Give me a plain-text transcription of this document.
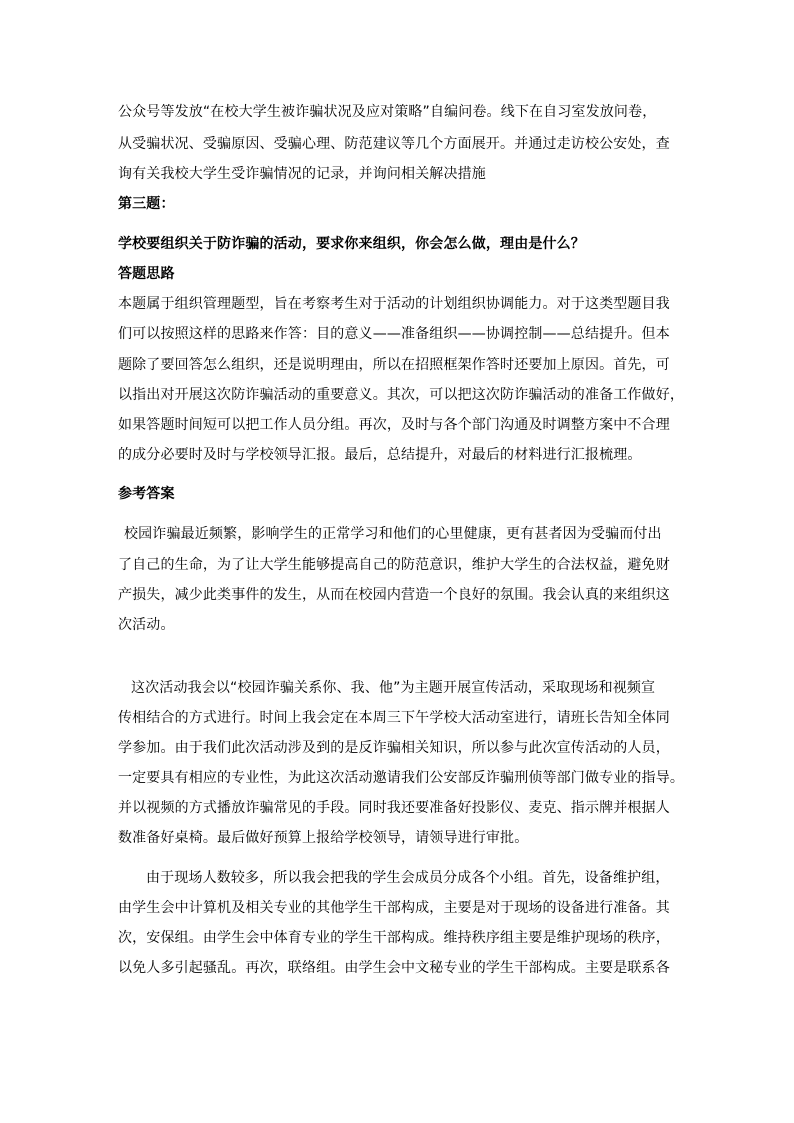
公众号等发放“在校大学生被诈骗状况及应对策略”自编问卷。线下在自习室发放问卷，
从受骗状况、受骗原因、受骗心理、防范建议等几个方面展开。并通过走访校公安处，查
询有关我校大学生受诈骗情况的记录，并询问相关解决措施
第三题：
学校要组织关于防诈骗的活动，要求你来组织，你会怎么做，理由是什么？
答题思路
本题属于组织管理题型，旨在考察考生对于活动的计划组织协调能力。对于这类型题目我
们可以按照这样的思路来作答：目的意义——准备组织——协调控制——总结提升。但本
题除了要回答怎么组织，还是说明理由，所以在招照框架作答时还要加上原因。首先，可
以指出对开展这次防诈骗活动的重要意义。其次，可以把这次防诈骗活动的准备工作做好，
如果答题时间短可以把工作人员分组。再次，及时与各个部门沟通及时调整方案中不合理
的成分必要时及时与学校领导汇报。最后，总结提升，对最后的材料进行汇报梳理。
参考答案
校园诈骗最近频繁，影响学生的正常学习和他们的心里健康，更有甚者因为受骗而付出
了自己的生命，为了让大学生能够提高自己的防范意识，维护大学生的合法权益，避免财
产损失，减少此类事件的发生，从而在校园内营造一个良好的氛围。我会认真的来组织这
次活动。
这次活动我会以“校园诈骗关系你、我、他”为主题开展宣传活动，采取现场和视频宣
传相结合的方式进行。时间上我会定在本周三下午学校大活动室进行，请班长告知全体同
学参加。由于我们此次活动涉及到的是反诈骗相关知识，所以参与此次宣传活动的人员，
一定要具有相应的专业性，为此这次活动邀请我们公安部反诈骗刑侦等部门做专业的指导。
并以视频的方式播放诈骗常见的手段。同时我还要准备好投影仪、麦克、指示牌并根据人
数准备好桌椅。最后做好预算上报给学校领导，请领导进行审批。
由于现场人数较多，所以我会把我的学生会成员分成各个小组。首先，设备维护组，
由学生会中计算机及相关专业的其他学生干部构成，主要是对于现场的设备进行准备。其
次，安保组。由学生会中体育专业的学生干部构成。维持秩序组主要是维护现场的秩序，
以免人多引起骚乱。再次，联络组。由学生会中文秘专业的学生干部构成。主要是联系各
